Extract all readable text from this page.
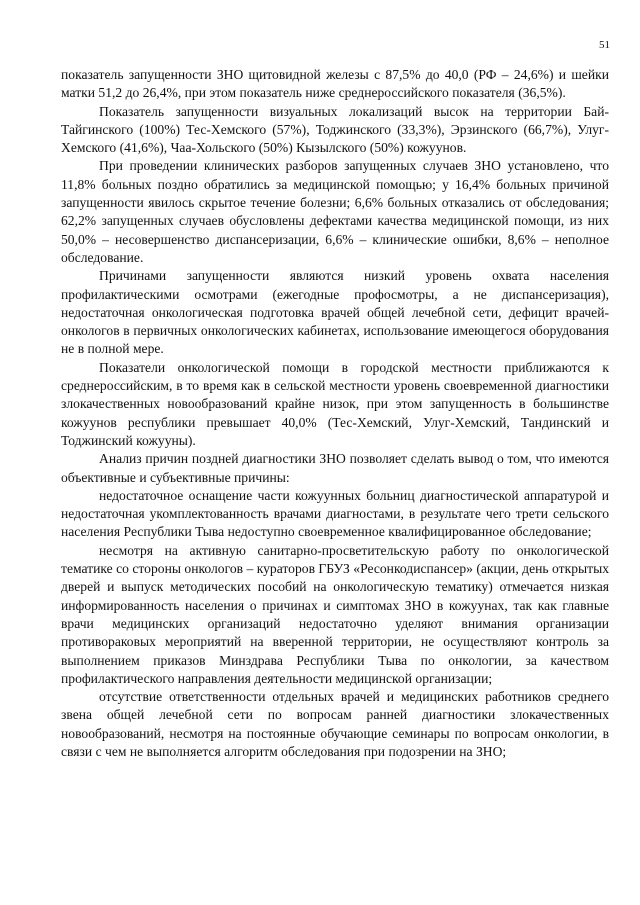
51

показатель запущенности ЗНО щитовидной железы с 87,5% до 40,0 (РФ – 24,6%) и шейки матки 51,2 до 26,4%, при этом показатель ниже среднероссийского показателя (36,5%).

Показатель запущенности визуальных локализаций высок на территории Бай-Тайгинского (100%) Тес-Хемского (57%), Тоджинского (33,3%), Эрзинского (66,7%), Улуг-Хемского (41,6%), Чаа-Хольского (50%) Кызылского (50%) кожуунов.

При проведении клинических разборов запущенных случаев ЗНО установлено, что 11,8% больных поздно обратились за медицинской помощью; у 16,4% больных причиной запущенности явилось скрытое течение болезни; 6,6% больных отказались от обследования; 62,2% запущенных случаев обусловлены дефектами качества медицинской помощи, из них 50,0% – несовершенство диспансеризации, 6,6% – клинические ошибки, 8,6% – неполное обследование.

Причинами запущенности являются низкий уровень охвата населения профилактическими осмотрами (ежегодные профосмотры, а не диспансеризация), недостаточная онкологическая подготовка врачей общей лечебной сети, дефицит врачей-онкологов в первичных онкологических кабинетах, использование имеющегося оборудования не в полной мере.

Показатели онкологической помощи в городской местности приближаются к среднероссийским, в то время как в сельской местности уровень своевременной диагностики злокачественных новообразований крайне низок, при этом запущенность в большинстве кожуунов республики превышает 40,0% (Тес-Хемский, Улуг-Хемский, Тандинский и Тоджинский кожууны).

Анализ причин поздней диагностики ЗНО позволяет сделать вывод о том, что имеются объективные и субъективные причины:

недостаточное оснащение части кожуунных больниц диагностической аппаратурой и недостаточная укомплектованность врачами диагностами, в результате чего трети сельского населения Республики Тыва недоступно своевременное квалифицированное обследование;

несмотря на активную санитарно-просветительскую работу по онкологической тематике со стороны онкологов – кураторов ГБУЗ «Ресонкодиспансер» (акции, день открытых дверей и выпуск методических пособий на онкологическую тематику) отмечается низкая информированность населения о причинах и симптомах ЗНО в кожуунах, так как главные врачи медицинских организаций недостаточно уделяют внимания организации противораковых мероприятий на вверенной территории, не осуществляют контроль за выполнением приказов Минздрава Республики Тыва по онкологии, за качеством профилактического направления деятельности медицинской организации;

отсутствие ответственности отдельных врачей и медицинских работников среднего звена общей лечебной сети по вопросам ранней диагностики злокачественных новообразований, несмотря на постоянные обучающие семинары по вопросам онкологии, в связи с чем не выполняется алгоритм обследования при подозрении на ЗНО;
